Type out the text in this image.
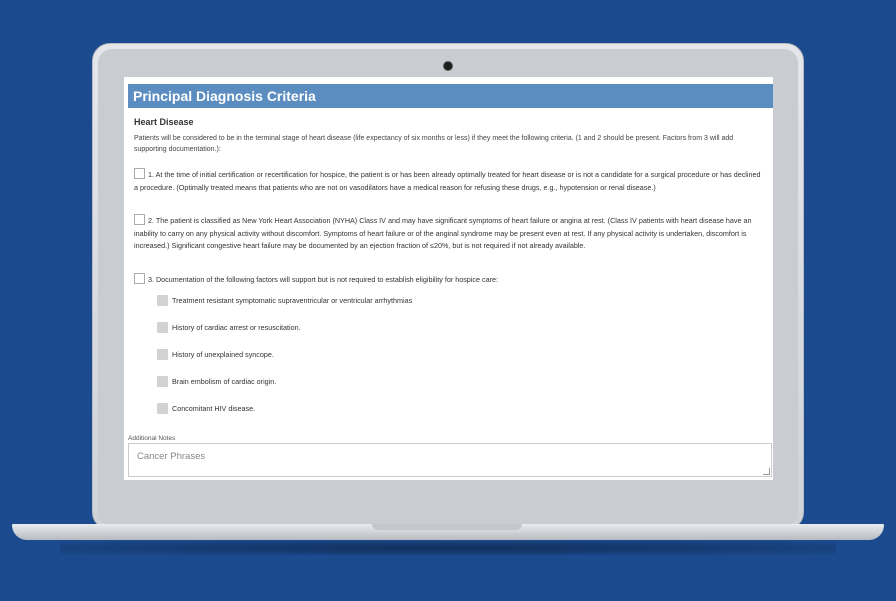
Principal Diagnosis Criteria
Heart Disease
Patients will be considered to be in the terminal stage of heart disease (life expectancy of six months or less) if they meet the following criteria. (1 and 2 should be present. Factors from 3 will add supporting documentation.):
1. At the time of initial certification or recertification for hospice, the patient is or has been already optimally treated for heart disease or is not a candidate for a surgical procedure or has declined a procedure. (Optimally treated means that patients who are not on vasodilators have a medical reason for refusing these drugs, e.g., hypotension or renal disease.)
2. The patient is classified as New York Heart Association (NYHA) Class IV and may have significant symptoms of heart failure or angina at rest. (Class IV patients with heart disease have an inability to carry on any physical activity without discomfort. Symptoms of heart failure or of the anginal syndrome may be present even at rest. If any physical activity is undertaken, discomfort is increased.) Significant congestive heart failure may be documented by an ejection fraction of ≤20%, but is not required if not already available.
3. Documentation of the following factors will support but is not required to establish eligibility for hospice care:
Treatment resistant symptomatic supraventricular or ventricular arrhythmias
History of cardiac arrest or resuscitation.
History of unexplained syncope.
Brain embolism of cardiac origin.
Concomitant HIV disease.
Additional Notes
Cancer Phrases
